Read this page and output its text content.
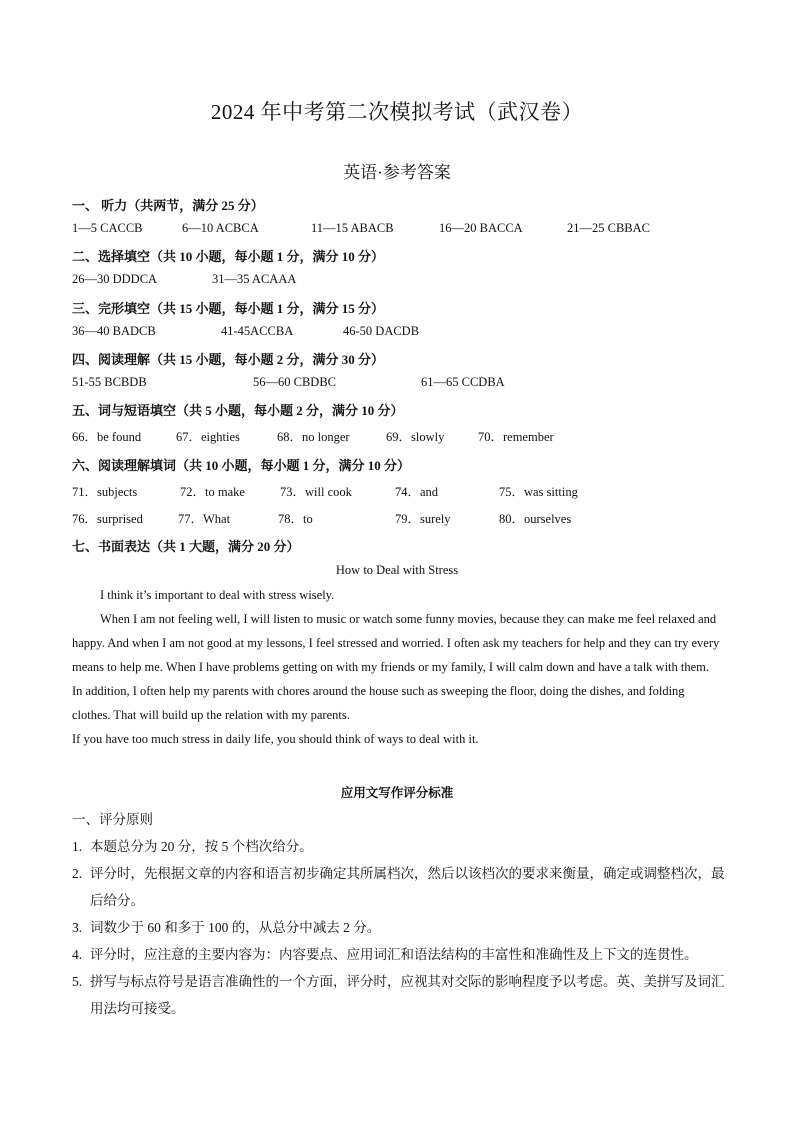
2024 年中考第二次模拟考试（武汉卷）
英语·参考答案
一、 听力（共两节，满分 25 分）
1—5 CACCB	6—10 ACBCA	11—15 ABACB	16—20 BACCA	21—25 CBBAC
二、选择填空（共 10 小题，每小题 1 分，满分 10 分）
26—30 DDDCA	31—35 ACAAA
三、完形填空（共 15 小题，每小题 1 分，满分 15 分）
36—40 BADCB	41-45ACCBA	46-50 DACDB
四、阅读理解（共 15 小题，每小题 2 分，满分 30 分）
51-55 BCBDB	56—60 CBDBC	61—65 CCDBA
五、词与短语填空（共 5 小题，每小题 2 分，满分 10 分）
66．be found	67．eighties	68．no longer	69．slowly	70．remember
六、阅读理解填词（共 10 小题，每小题 1 分，满分 10 分）
71．subjects	72．to make	73．will cook	74．and	75．was sitting
76．surprised	77．What	78．to	79．surely	80．ourselves
七、书面表达（共 1 大题，满分 20 分）
How to Deal with Stress
I think it’s important to deal with stress wisely.
When I am not feeling well, I will listen to music or watch some funny movies, because they can make me feel relaxed and happy. And when I am not good at my lessons, I feel stressed and worried. I often ask my teachers for help and they can try every means to help me. When I have problems getting on with my friends or my family, I will calm down and have a talk with them. In addition, I often help my parents with chores around the house such as sweeping the floor, doing the dishes, and folding clothes. That will build up the relation with my parents.
If you have too much stress in daily life, you should think of ways to deal with it.
应用文写作评分标准
一、评分原则
1. 本题总分为 20 分，按 5 个档次给分。
2. 评分时，先根据文章的内容和语言初步确定其所属档次，然后以该档次的要求来衡量，确定或调整档次，最后给分。
3. 词数少于 60 和多于 100 的，从总分中减去 2 分。
4. 评分时，应注意的主要内容为：内容要点、应用词汇和语法结构的丰富性和准确性及上下文的连贯性。
5. 拼写与标点符号是语言准确性的一个方面，评分时，应视其对交际的影响程度予以考虑。英、美拼写及词汇用法均可接受。
